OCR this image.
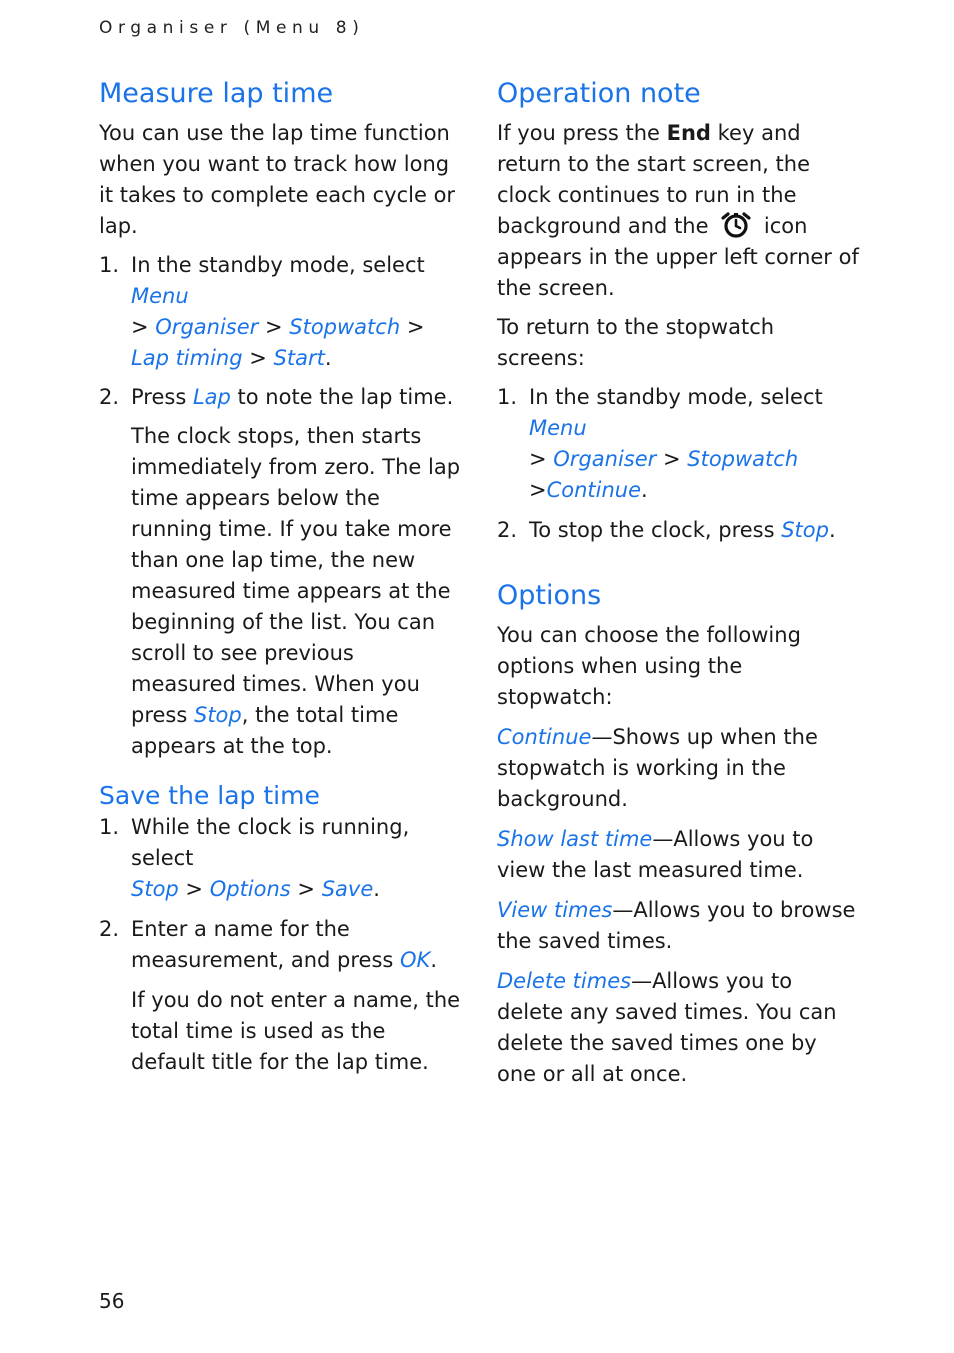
Organiser (Menu 8)
Measure lap time

You can use the lap time function when you want to track how long it takes to complete each cycle or lap.

1. In the standby mode, select Menu
> Organiser > Stopwatch > Lap timing > Start.
2. Press Lap to note the lap time.

The clock stops, then starts immediately from zero. The lap time appears below the running time. If you take more than one lap time, the new measured time appears at the beginning of the list. You can scroll to see previous measured times. When you press Stop, the total time appears at the top.

Save the lap time
1. While the clock is running, select
Stop > Options > Save.
2. Enter a name for the measurement, and press OK.

If you do not enter a name, the total time is used as the default title for the lap time.

Operation note

If you press the End key and return to the start screen, the clock continues to run in the background and the  icon appears in the upper left corner of the screen.

To return to the stopwatch screens:

1. In the standby mode, select Menu
> Organiser > Stopwatch
>Continue.
2. To stop the clock, press Stop.
Options

You can choose the following options when using the stopwatch:

Continue—Shows up when the stopwatch is working in the background.

Show last time—Allows you to view the last measured time.

View times—Allows you to browse the saved times.

Delete times—Allows you to delete any saved times. You can delete the saved times one by one or all at once.

56
